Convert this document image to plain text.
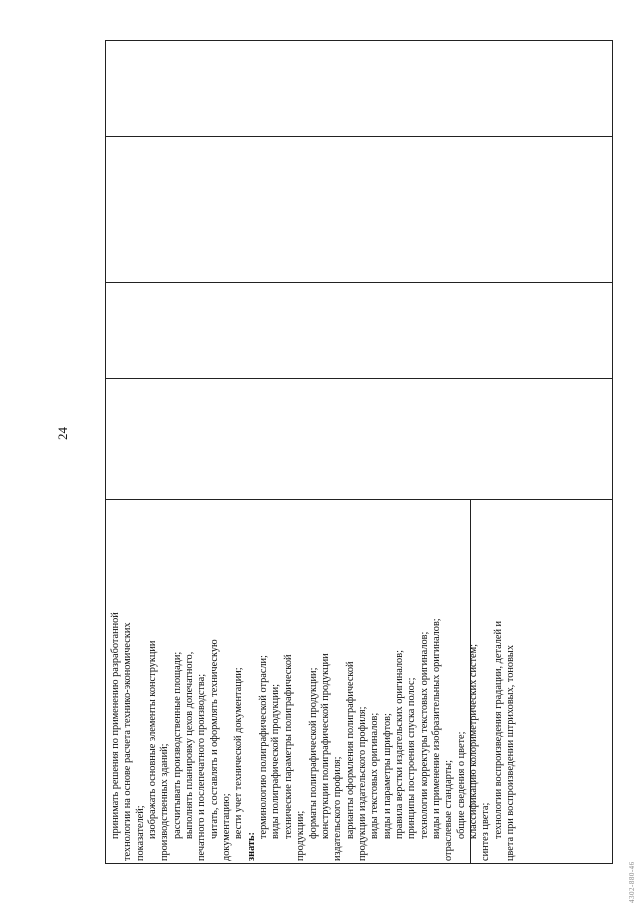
24
4302-880-46
принимать решения по применению разработанной технологии на основе расчета технико-экономических показателей; изображать основные элементы конструкции производственных зданий; рассчитывать производственные площади; выполнять планировку цехов допечатного, печатного и послепечатного производства; читать, составлять и оформлять техническую документацию; вести учет технической документации;
знать:
терминологию полиграфической отрасли; виды полиграфической продукции; технические параметры полиграфической продукции; форматы полиграфической продукции; конструкции полиграфической продукции издательского профиля; варианты оформления полиграфической продукции издательского профиля; виды текстовых оригиналов; виды и параметры шрифтов; правила верстки издательских оригиналов; принципы построения спуска полос; технологии корректуры текстовых оригиналов; виды и применение изобразительных оригиналов; отраслевые стандарты; общие сведения о цвете; классификацию колориметрических систем; синтез цвета; технологии воспроизведения градации, деталей и цвета при воспроизведении штриховых, тоновых
